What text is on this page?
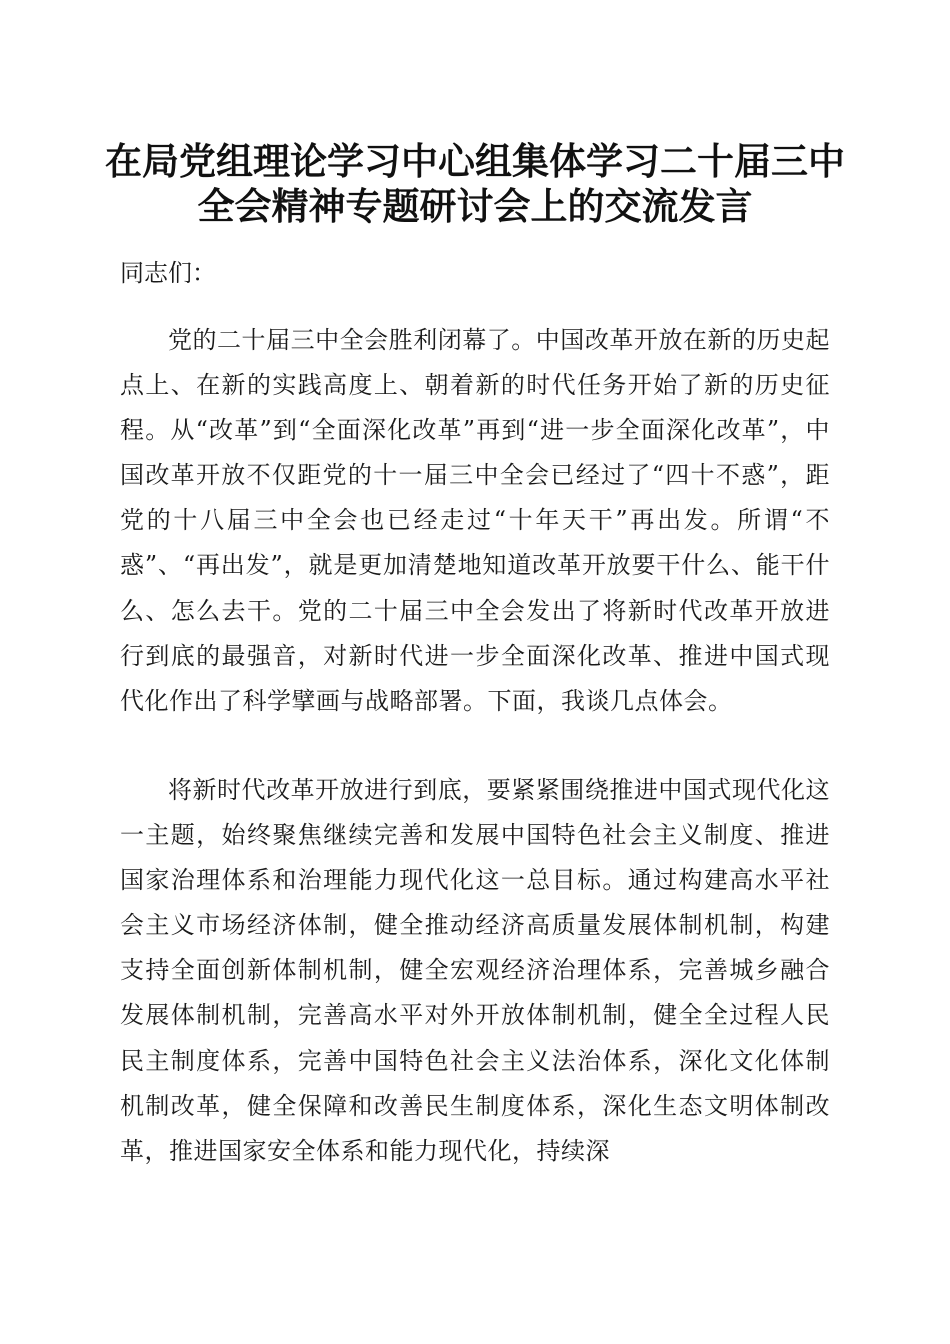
在局党组理论学习中心组集体学习二十届三中
全会精神专题研讨会上的交流发言
同志们：

党的二十届三中全会胜利闭幕了。中国改革开放在新的历史起点上、在新的实践高度上、朝着新的时代任务开始了新的历史征程。从“改革”到“全面深化改革”再到“进一步全面深化改革”，中国改革开放不仅距党的十一届三中全会已经过了“四十不惑”，距党的十八届三中全会也已经走过“十年天干”再出发。所谓“不惑”、“再出发”，就是更加清楚地知道改革开放要干什么、能干什么、怎么去干。党的二十届三中全会发出了将新时代改革开放进行到底的最强音，对新时代进一步全面深化改革、推进中国式现代化作出了科学擘画与战略部署。下面，我谈几点体会。

将新时代改革开放进行到底，要紧紧围绕推进中国式现代化这一主题，始终聚焦继续完善和发展中国特色社会主义制度、推进国家治理体系和治理能力现代化这一总目标。通过构建高水平社会主义市场经济体制，健全推动经济高质量发展体制机制，构建支持全面创新体制机制，健全宏观经济治理体系，完善城乡融合发展体制机制，完善高水平对外开放体制机制，健全全过程人民民主制度体系，完善中国特色社会主义法治体系，深化文化体制机制改革，健全保障和改善民生制度体系，深化生态文明体制改革，推进国家安全体系和能力现代化，持续深
